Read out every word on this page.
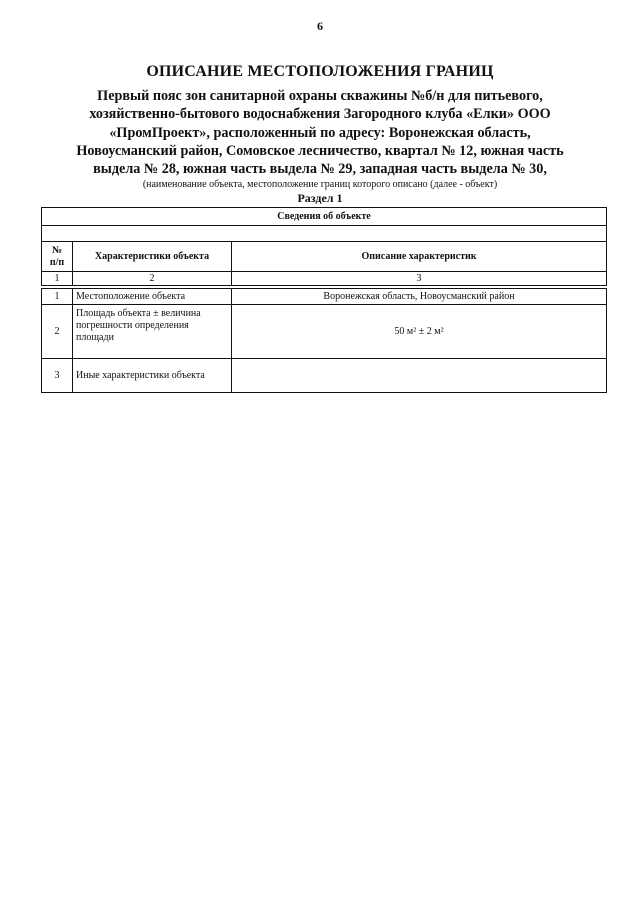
6
ОПИСАНИЕ МЕСТОПОЛОЖЕНИЯ ГРАНИЦ
Первый пояс зон санитарной охраны скважины №б/н для питьевого,
хозяйственно-бытового водоснабжения Загородного клуба «Елки» ООО
«ПромПроект», расположенный по адресу: Воронежская область,
Новоусманский район, Сомовское лесничество, квартал № 12, южная часть
выдела № 28, южная часть выдела № 29, западная часть выдела № 30,
(наименование объекта, местоположение границ которого описано (далее - объект)
Раздел 1
Сведения об объекте		

№
п/п	Характеристики объекта	Описание характеристик
1	2	3

1	Местоположение объекта	Воронежская область, Новоусманский район
2	Площадь объекта ± величина погрешности определения площади	50 м² ± 2 м²
3	Иные характеристики объекта	
